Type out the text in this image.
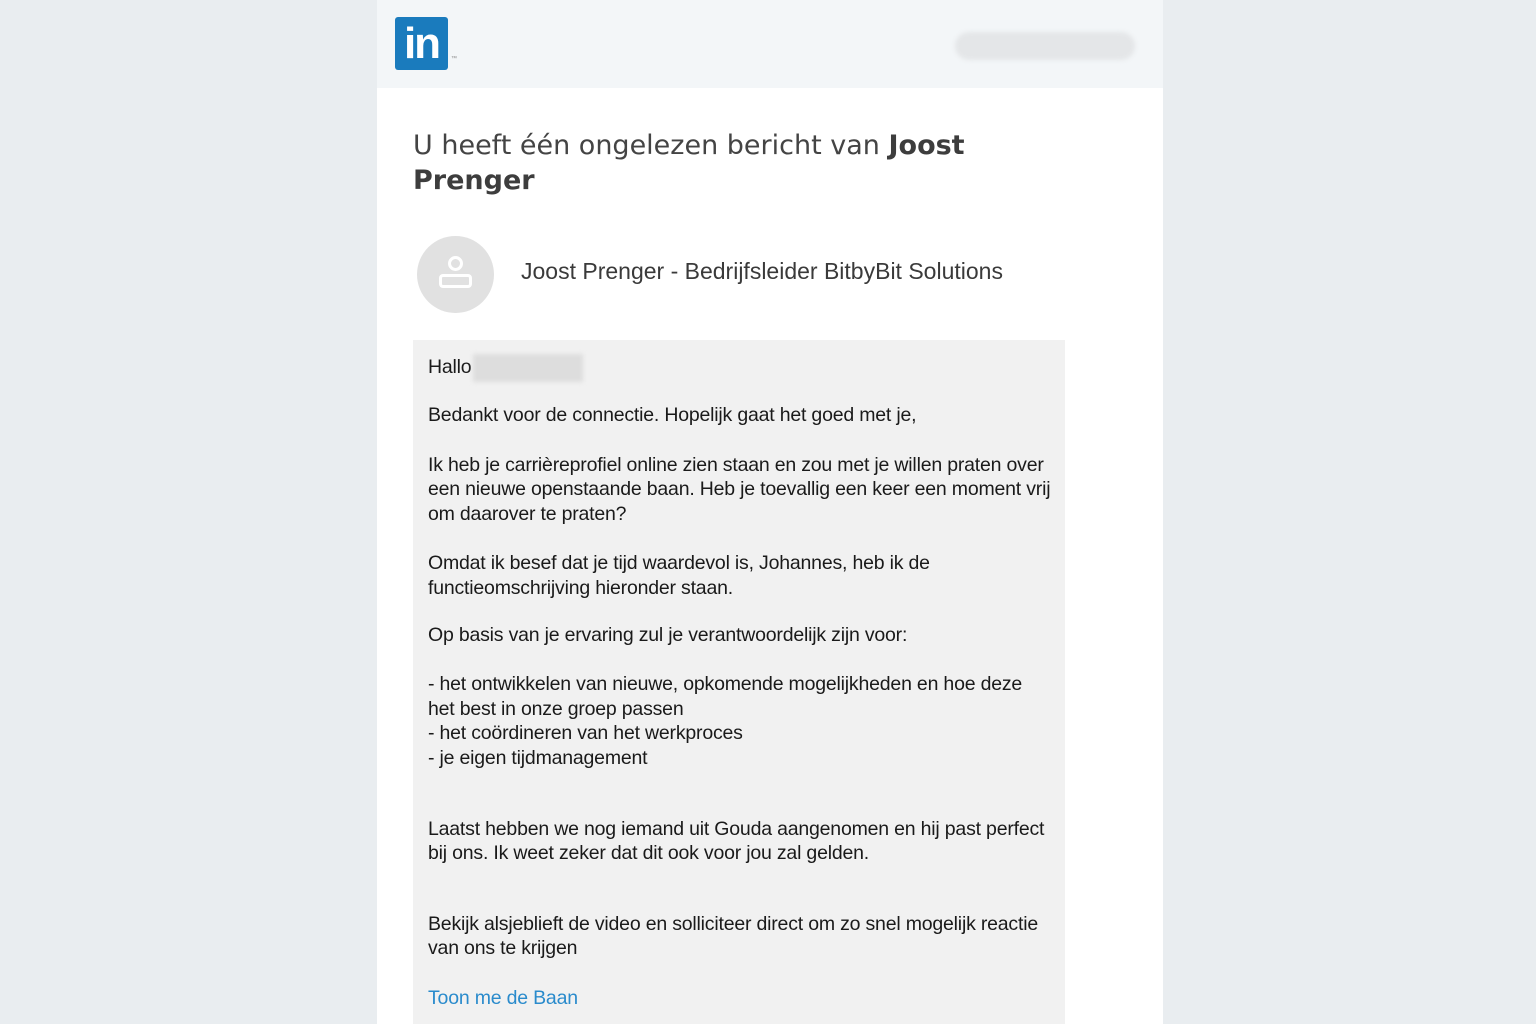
in	™
U heeft één ongelezen bericht van Joost Prenger
Joost Prenger - Bedrijfsleider BitbyBit Solutions

Hallo

Bedankt voor de connectie. Hopelijk gaat het goed met je,

Ik heb je carrièreprofiel online zien staan en zou met je willen praten over een nieuwe openstaande baan. Heb je toevallig een keer een moment vrij om daarover te praten?

Omdat ik besef dat je tijd waardevol is, Johannes, heb ik de functieomschrijving hieronder staan.

Op basis van je ervaring zul je verantwoordelijk zijn voor:

- het ontwikkelen van nieuwe, opkomende mogelijkheden en hoe deze het best in onze groep passen

- het coördineren van het werkproces

- je eigen tijdmanagement

Laatst hebben we nog iemand uit Gouda aangenomen en hij past perfect bij ons. Ik weet zeker dat dit ook voor jou zal gelden.

Bekijk alsjeblieft de video en solliciteer direct om zo snel mogelijk reactie van ons te krijgen

Toon me de Baan
